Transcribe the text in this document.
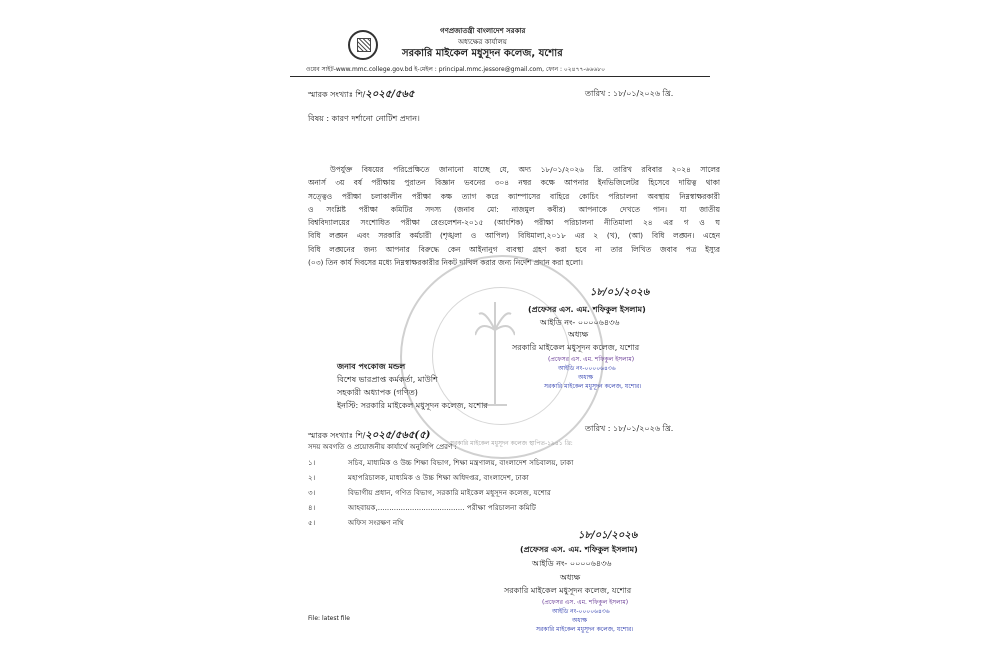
গণপ্রজাতন্ত্রী বাংলাদেশ সরকার
অধ্যক্ষের কার্যালয়
সরকারি মাইকেল মধুসূদন কলেজ, যশোর
ওয়েব সাইট-www.mmc.college.gov.bd ই-মেইল : principal.mmc.jessore@gmail.com, ফোন : ০২৪৭৭-৬৬৬৮০
স্মারক সংখ্যাঃ শি/২০২৫/৫৬৫	তারিখ : ১৮/০১/২০২৬ খ্রি.
বিষয় : কারণ দর্শানো নোটিশ প্রদান।
উপর্যুক্ত বিষয়ের পরিপ্রেক্ষিতে জানানো যাচ্ছে যে, অদ্য ১৮/০১/২০২৬ খ্রি. তারিখ রবিবার ২০২৪ সালের
অনার্স ৩য় বর্ষ পরীক্ষায় পুরাতন বিজ্ঞান ভবনের ৩০৪ নম্বর কক্ষে আপনার ইনভিজিলেটর হিসেবে দায়িত্ব থাকা
সত্ত্বেও পরীক্ষা চলাকালীন পরীক্ষা কক্ষ ত্যাগ করে ক্যাম্পাসের বাহিরে কোচিং পরিচালনা অবস্থায় নিম্নস্বাক্ষরকারী
ও সংশ্লিষ্ট পরীক্ষা কমিটির সদস্য (জনাব মো: নাজমুল কবীর) আপনাকে দেখতে পান। যা জাতীয়
বিশ্ববিদ্যালয়ের সংশোধিত পরীক্ষা রেগুলেশন-২০১৫ (আংশিক) পরীক্ষা পরিচালনা নীতিমালা ২৪ এর গ ও ঘ
বিধি লঙ্ঘন এবং সরকারি কর্মচারী (শৃঙ্খলা ও আপিল) বিধিমালা,২০১৮ এর ২ (খ), (আ) বিধি লঙ্ঘন। এহেন
বিধি লঙ্ঘনের জন্য আপনার বিরুদ্ধে কেন আইনানুগ ব্যবস্থা গ্রহণ করা হবে না তার লিখিত জবাব পত্র ইস্যুর
(০৩) তিন কার্য দিবসের মধ্যে নিম্নস্বাক্ষরকারীর নিকট দাখিল করার জন্য নির্দেশ প্রদান করা হলো।
সরকারি মাইকেল মধুসূদন কলেজ স্থাপিত-১৯৪১ খ্রি:
১৮/০১/২০২৬
(প্রফেসর এস. এম. শফিকুল ইসলাম)
আইডি নং- ০০০০৬৪৩৬
অধ্যক্ষ
সরকারি মাইকেল মধুসূদন কলেজ, যশোর
(প্রফেসর এস. এম. শফিকুল ইসলাম)
আইডি নং-০০০০৬৪৩৬
অধ্যক্ষ
সরকারি মাইকেল মধুসূদন কলেজ, যশোর।
জনাব পংকোজ মন্ডল
বিশেষ ভারপ্রাপ্ত কর্মকর্তা, মাউশি
সহকারী অধ্যাপক (গণিত)
ইনস্টি: সরকারি মাইকেল মধুসূদন কলেজ, যশোর
স্মারক সংখ্যাঃ শি/২০২৫/৫৬৫(৫)
তারিখ : ১৮/০১/২০২৬ খ্রি.
সদয় অবগতি ও প্রয়োজনীয় কার্যার্থে অনুলিপি প্রেরণ :
১।	সচিব, মাধ্যমিক ও উচ্চ শিক্ষা বিভাগ, শিক্ষা মন্ত্রণালয়, বাংলাদেশ সচিবালয়, ঢাকা
২।	মহাপরিচালক, মাধ্যমিক ও উচ্চ শিক্ষা অধিদপ্তর, বাংলাদেশ, ঢাকা
৩।	বিভাগীয় প্রধান, গণিত বিভাগ, সরকারি মাইকেল মধুসূদন কলেজ, যশোর
৪।	আহবায়ক,...................................... পরীক্ষা পরিচালনা কমিটি
৫।	অফিস সংরক্ষণ নথি
১৮/০১/২০২৬
(প্রফেসর এস. এম. শফিকুল ইসলাম)
আইডি নং- ০০০০৬৪৩৬
অধ্যক্ষ
সরকারি মাইকেল মধুসূদন কলেজ, যশোর
(প্রফেসর এস. এম. শফিকুল ইসলাম)
আইডি নং-০০০০৬৪৩৬
অধ্যক্ষ
সরকারি মাইকেল মধুসূদন কলেজ, যশোর।
File: latest file
